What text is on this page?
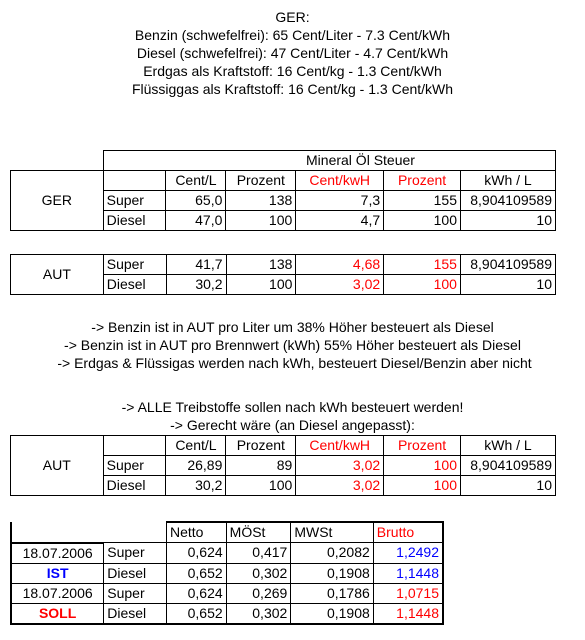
GER:
Benzin (schwefelfrei): 65 Cent/Liter - 7.3 Cent/kWh
Diesel (schwefelfrei): 47 Cent/Liter - 4.7 Cent/kWh
Erdgas als Kraftstoff: 16 Cent/kg - 1.3 Cent/kWh
Flüssiggas als Kraftstoff: 16 Cent/kg - 1.3 Cent/kWh
		Mineral Öl Steuer				
		Cent/L	Prozent	Cent/kwH	Prozent	kWh / L
GER	Super	65,0	138	7,3	155	8,904109589
	Diesel	47,0	100	4,7	100	10
AUT	Super	41,7	138	4,68	155	8,904109589
	Diesel	30,2	100	3,02	100	10
-> Benzin ist in AUT pro Liter um 38% Höher besteuert als Diesel
-> Benzin ist in AUT pro Brennwert (kWh) 55% Höher besteuert als Diesel
-> Erdgas & Flüssigas werden nach kWh, besteuert Diesel/Benzin aber nicht
-> ALLE Treibstoffe sollen nach kWh besteuert werden!
-> Gerecht wäre (an Diesel angepasst):
AUT		Cent/L	Prozent	Cent/kwH	Prozent	kWh / L
	Super	26,89	89	3,02	100	8,904109589
	Diesel	30,2	100	3,02	100	10
		Netto	MÖSt	MWSt	Brutto
18.07.2006	Super	0,624	0,417	0,2082	1,2492
IST	Diesel	0,652	0,302	0,1908	1,1448
18.07.2006	Super	0,624	0,269	0,1786	1,0715
SOLL	Diesel	0,652	0,302	0,1908	1,1448
